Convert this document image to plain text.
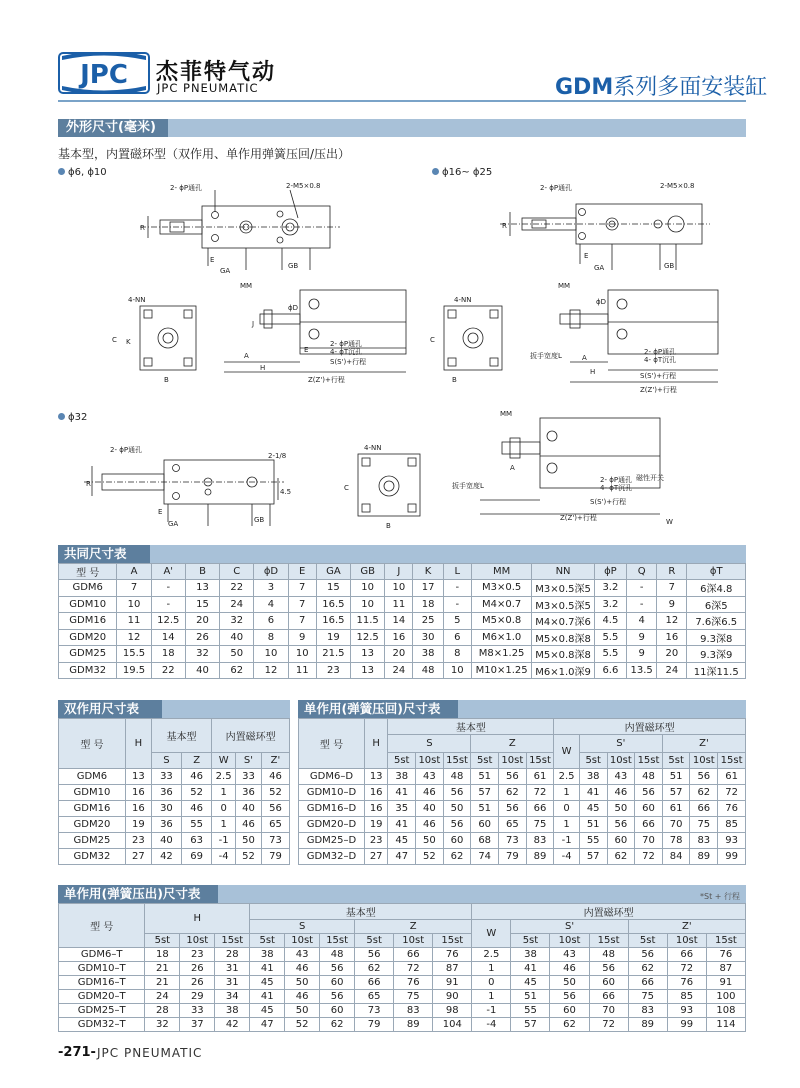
JPC 杰菲特气动
JPC PNEUMATIC	GDM系列多面安装缸
外形尺寸(毫米)
基本型，内置磁环型（双作用、单作用弹簧压回/压出）
ϕ6, ϕ10	ϕ16~ ϕ25
ϕ32
2- ϕP通孔	2-M5×0.8
R
E
GA
GB
4-NN
C K
B
MM
ϕD
J
A
E
H
2- ϕP通孔
4- ϕT沉孔
S(S')+行程
Z(Z')+行程
2- ϕP通孔	2-M5×0.8
R
E
GA	GB
4-NN
C
B
MM
ϕD
扳手宽度L	A
H
2- ϕP通孔
4- ϕT沉孔
S(S')+行程
Z(Z')+行程
2- ϕP通孔
2-1/8
4.5
R
E
GA	GB
4-NN
C
B
MM
扳手宽度L
A
2- ϕP通孔
4- ϕT沉孔
磁性开关
S(S')+行程
Z(Z')+行程	W
共同尺寸表
型 号	A	A'	B	C	ϕD	E	GA	GB	J	K	L	MM	NN	ϕP	Q	R	ϕT
GDM6	7	-	13	22	3	7	15	10	10	17	-	M3×0.5	M3×0.5深5	3.2	-	7	6深4.8
GDM10	10	-	15	24	4	7	16.5	10	11	18	-	M4×0.7	M3×0.5深5	3.2	-	9	6深5
GDM16	11	12.5	20	32	6	7	16.5	11.5	14	25	5	M5×0.8	M4×0.7深6	4.5	4	12	7.6深6.5
GDM20	12	14	26	40	8	9	19	12.5	16	30	6	M6×1.0	M5×0.8深8	5.5	9	16	9.3深8
GDM25	15.5	18	32	50	10	10	21.5	13	20	38	8	M8×1.25	M5×0.8深8	5.5	9	20	9.3深9
GDM32	19.5	22	40	62	12	11	23	13	24	48	10	M10×1.25	M6×1.0深9	6.6	13.5	24	11深11.5
双作用尺寸表
型 号	H	基本型		内置磁环型		
		S	Z	W	S'	Z'
GDM6	13	33	46	2.5	33	46
GDM10	16	36	52	1	36	52
GDM16	16	30	46	0	40	56
GDM20	19	36	55	1	46	65
GDM25	23	40	63	-1	50	73
GDM32	27	42	69	-4	52	79
单作用(弹簧压回)尺寸表
型 号	H	基本型						内置磁环型						
		S			Z			W	S'			Z'		
		5st	10st	15st	5st	10st	15st		5st	10st	15st	5st	10st	15st
GDM6–D	13	38	43	48	51	56	61	2.5	38	43	48	51	56	61
GDM10–D	16	41	46	56	57	62	72	1	41	46	56	57	62	72
GDM16–D	16	35	40	50	51	56	66	0	45	50	60	61	66	76
GDM20–D	19	41	46	56	60	65	75	1	51	56	66	70	75	85
GDM25–D	23	45	50	60	68	73	83	-1	55	60	70	78	83	93
GDM32–D	27	47	52	62	74	79	89	-4	57	62	72	84	89	99
单作用(弹簧压出)尺寸表	*St + 行程
型 号	H			基本型						内置磁环型						
				S			Z			W	S'			Z'		
	5st	10st	15st	5st	10st	15st	5st	10st	15st		5st	10st	15st	5st	10st	15st
GDM6–T	18	23	28	38	43	48	56	66	76	2.5	38	43	48	56	66	76
GDM10–T	21	26	31	41	46	56	62	72	87	1	41	46	56	62	72	87
GDM16–T	21	26	31	45	50	60	66	76	91	0	45	50	60	66	76	91
GDM20–T	24	29	34	41	46	56	65	75	90	1	51	56	66	75	85	100
GDM25–T	28	33	38	45	50	60	73	83	98	-1	55	60	70	83	93	108
GDM32–T	32	37	42	47	52	62	79	89	104	-4	57	62	72	89	99	114
-271- JPC PNEUMATIC
